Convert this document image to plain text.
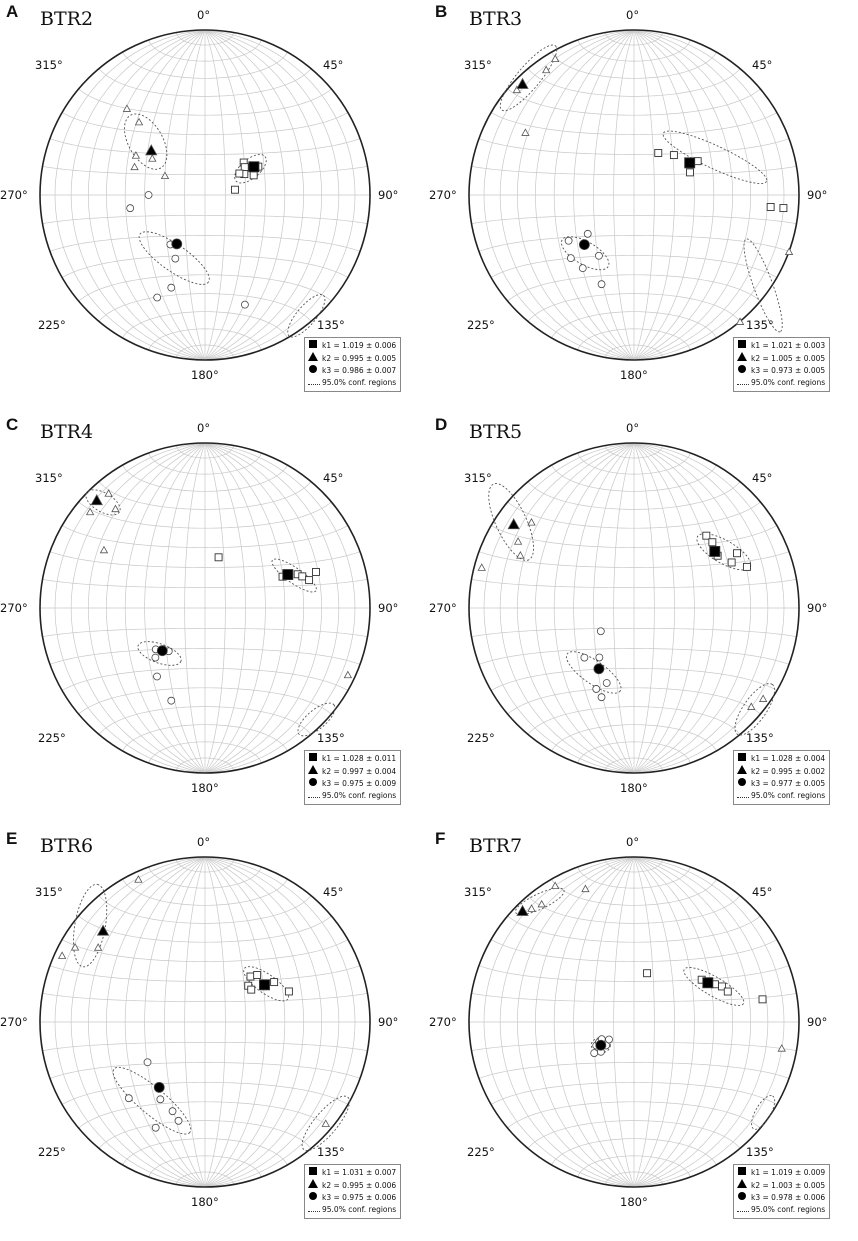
A BTR2	0°
45°
90°
135°
180°
225°
270°
315°
k1 = 1.019 ± 0.006
k2 = 0.995 ± 0.005
k3 = 0.986 ± 0.007
95.0% conf. regions
B BTR3	0°
45°
90°
135°
180°
225°
270°
315°
k1 = 1.021 ± 0.003
k2 = 1.005 ± 0.005
k3 = 0.973 ± 0.005
95.0% conf. regions
C BTR4	0°
45°
90°
135°
180°
225°
270°
315°
k1 = 1.028 ± 0.011
k2 = 0.997 ± 0.004
k3 = 0.975 ± 0.009
95.0% conf. regions
D BTR5	0°
45°
90°
135°
180°
225°
270°
315°
k1 = 1.028 ± 0.004
k2 = 0.995 ± 0.002
k3 = 0.977 ± 0.005
95.0% conf. regions
E BTR6	0°
45°
90°
135°
180°
225°
270°
315°
k1 = 1.031 ± 0.007
k2 = 0.995 ± 0.006
k3 = 0.975 ± 0.006
95.0% conf. regions
F BTR7	0°
45°
90°
135°
180°
225°
270°
315°
k1 = 1.019 ± 0.009
k2 = 1.003 ± 0.005
k3 = 0.978 ± 0.006
95.0% conf. regions
